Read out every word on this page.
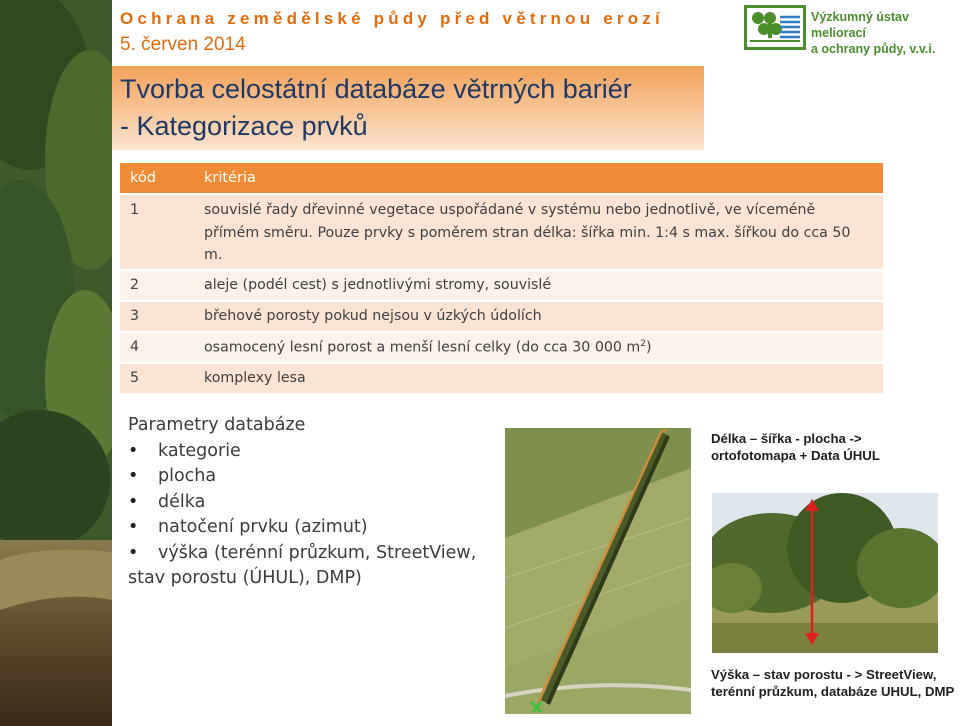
Ochrana zemědělské půdy před větrnou erozí
5. červen 2014
Výzkumný ústav meliorací
a ochrany půdy, v.v.i.
Tvorba celostátní databáze větrných bariér
- Kategorizace prvků
kód	kritéria
1	souvislé řady dřevinné vegetace uspořádané v systému nebo jednotlivě, ve víceméně přímém směru. Pouze prvky s poměrem stran délka: šířka min. 1:4 s max. šířkou do cca 50 m.
2	aleje (podél cest) s jednotlivými stromy, souvislé
3	břehové porosty pokud nejsou v úzkých údolích
4	osamocený lesní porost a menší lesní celky (do cca 30 000 $m^2$)
5	komplexy lesa
Parametry databáze
• kategorie
• plocha
• délka
• natočení prvku (azimut)
• výška (terénní průzkum, StreetView,
stav porostu (ÚHUL), DMP)
Délka – šířka - plocha -> ortofotomapa + Data ÚHUL
Výška – stav porostu - > StreetView, terénní průzkum, databáze UHUL, DMP
